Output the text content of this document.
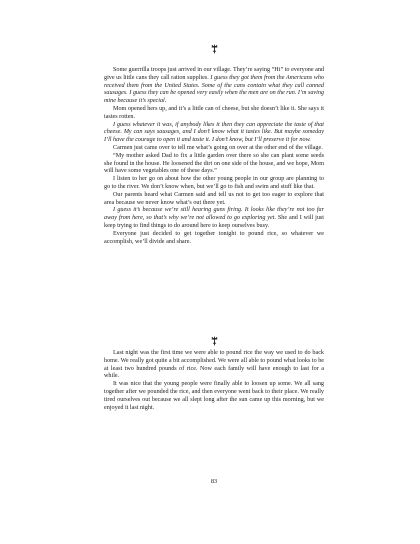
Some guerrilla troops just arrived in our village. They’re saying “Hi” to everyone and give us little cans they call ration supplies. I guess they got them from the Americans who received them from the United States. Some of the cans contain what they call canned sausages. I guess they can be opened very easily when the men are on the run. I’m saving mine because it’s special.

Mom opened hers up, and it’s a little can of cheese, but she doesn’t like it. She says it tastes rotten.

I guess whatever it was, if anybody likes it then they can appreciate the taste of that cheese. My can says sausages, and I don’t know what it tastes like. But maybe someday I’ll have the courage to open it and taste it. I don’t know, but I’ll preserve it for now.

Carmen just came over to tell me what’s going on over at the other end of the village.

“My mother asked Dad to fix a little garden over there so she can plant some seeds she found in the house. He loosened the dirt on one side of the house, and we hope, Mom will have some vegetables one of these days.”

I listen to her go on about how the other young people in our group are planning to go to the river. We don’t know when, but we’ll go to fish and swim and stuff like that.

Our parents heard what Carmen said and tell us not to get too eager to explore that area because we never know what’s out there yet.

I guess it’s because we’re still hearing guns firing. It looks like they’re not too far away from here, so that’s why we’re not allowed to go exploring yet. She and I will just keep trying to find things to do around here to keep ourselves busy.

Everyone just decided to get together tonight to pound rice, so whatever we accomplish, we’ll divide and share.

Last night was the first time we were able to pound rice the way we used to do back home. We really got quite a bit accomplished. We were all able to pound what looks to be at least two hundred pounds of rice. Now each family will have enough to last for a while.

It was nice that the young people were finally able to loosen up some. We all sang together after we pounded the rice, and then everyone went back to their place. We really tired ourselves out because we all slept long after the sun came up this morning, but we enjoyed it last night.

83
